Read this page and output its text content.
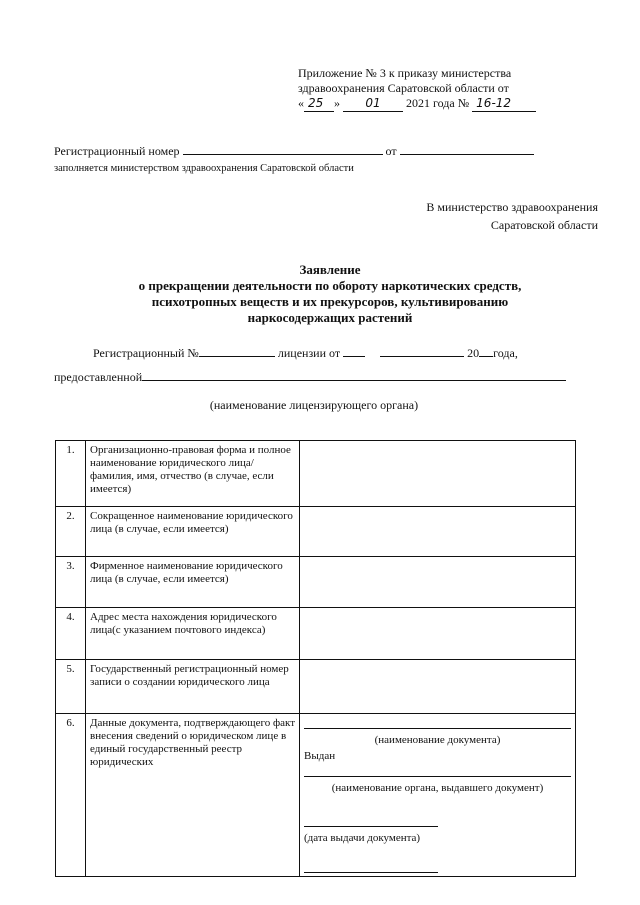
Приложение № 3 к приказу министерства
здравоохранения Саратовской области от
« 25 » 01 2021 года № 16-12
Регистрационный номер	от
заполняется министерством здравоохранения Саратовской области
В министерство здравоохранения
Саратовской области
Заявление
о прекращении деятельности по обороту наркотических средств,
психотропных веществ и их прекурсоров, культивированию
наркосодержащих растений
Регистрационный №	лицензии от	20 года,
предоставленной
(наименование лицензирующего органа)
1.	Организационно-правовая форма и полное наименование юридического лица/ фамилия, имя, отчество (в случае, если имеется)	
2.	Сокращенное наименование юридического лица (в случае, если имеется)	
3.	Фирменное наименование юридического лица (в случае, если имеется)	
4.	Адрес места нахождения юридического лица(с указанием почтового индекса)	
5.	Государственный регистрационный номер записи о создании юридического лица	
6.	Данные документа, подтверждающего факт внесения сведений о юридическом лице в единый государственный реестр юридических	(наименование документа)
Выдан
(наименование органа, выдавшего документ)
(дата выдачи документа)
